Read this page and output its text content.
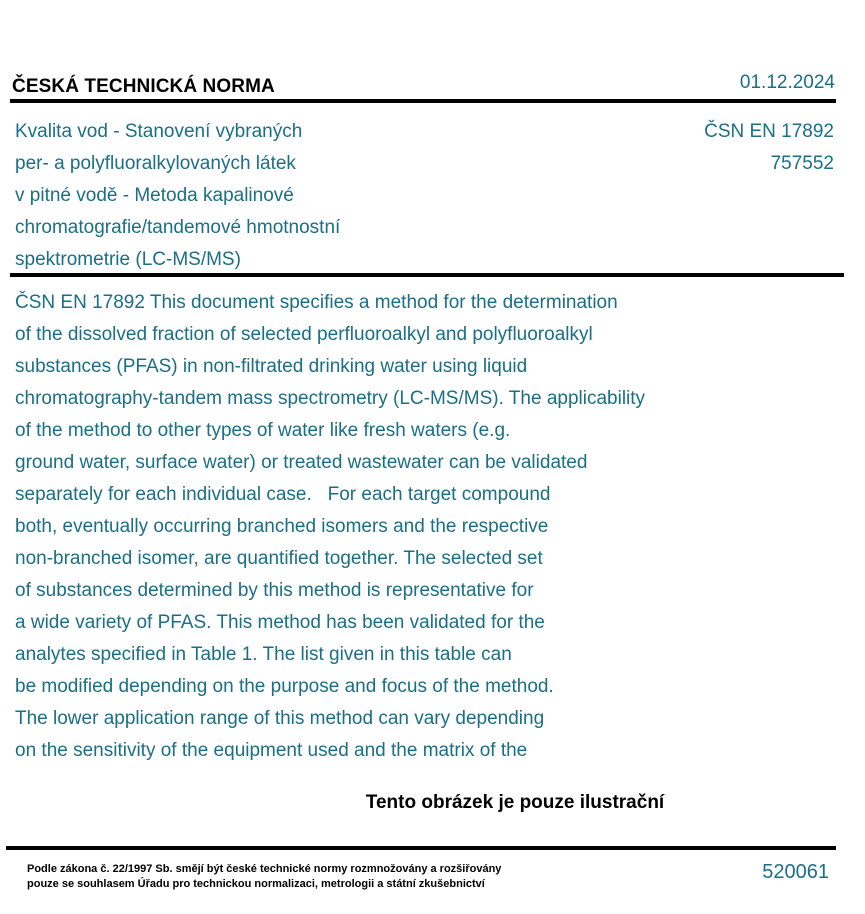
ČESKÁ TECHNICKÁ NORMA	01.12.2024
Kvalita vod - Stanovení vybraných
per- a polyfluoralkylovaných látek
v pitné vodě - Metoda kapalinové
chromatografie/tandemové hmotnostní
spektrometrie (LC-MS/MS)
ČSN EN 17892
757552
ČSN EN 17892 This document specifies a method for the determination
of the dissolved fraction of selected perfluoroalkyl and polyfluoroalkyl
substances (PFAS) in non-filtrated drinking water using liquid
chromatography-tandem mass spectrometry (LC-MS/MS). The applicability
of the method to other types of water like fresh waters (e.g.
ground water, surface water) or treated wastewater can be validated
separately for each individual case.   For each target compound
both, eventually occurring branched isomers and the respective
non-branched isomer, are quantified together. The selected set
of substances determined by this method is representative for
a wide variety of PFAS. This method has been validated for the
analytes specified in Table 1. The list given in this table can
be modified depending on the purpose and focus of the method.
The lower application range of this method can vary depending
on the sensitivity of the equipment used and the matrix of the
Tento obrázek je pouze ilustrační
Podle zákona č. 22/1997 Sb. smějí být české technické normy rozmnožovány a rozšiřovány
pouze se souhlasem Úřadu pro technickou normalizaci, metrologii a státní zkušebnictví
520061
